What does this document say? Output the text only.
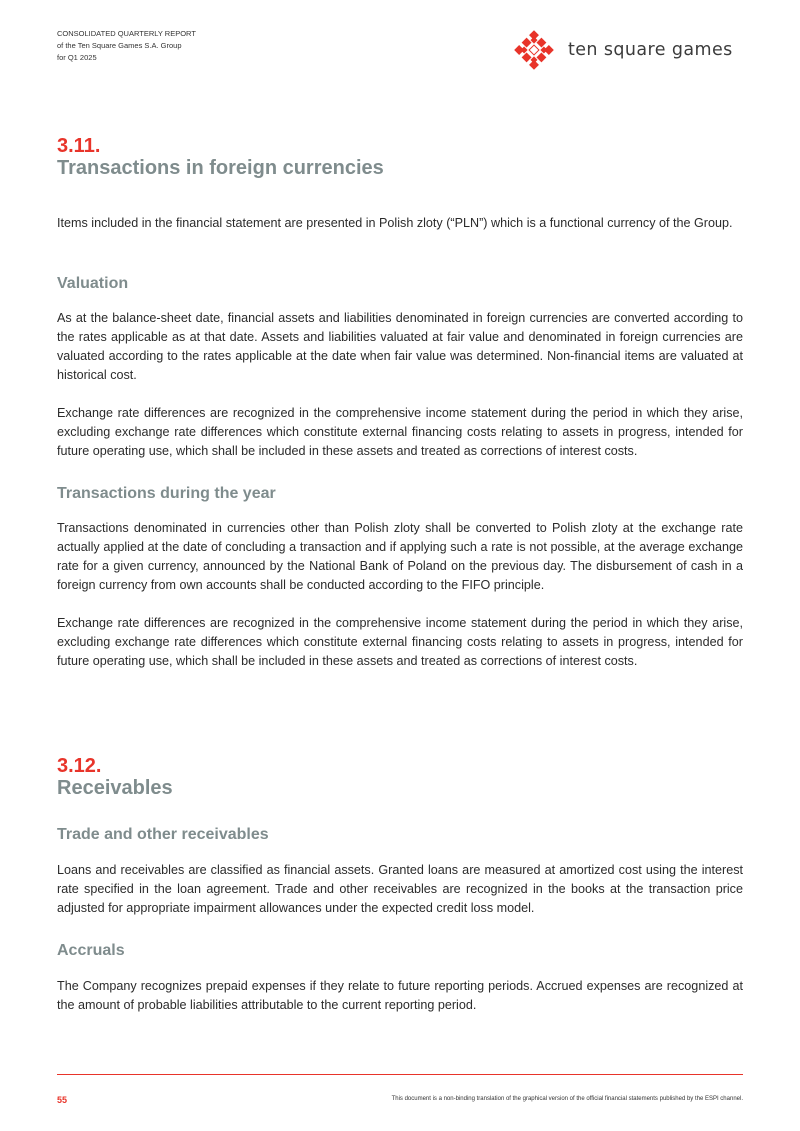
CONSOLIDATED QUARTERLY REPORT
of the Ten Square Games S.A. Group
for Q1 2025	ten square games
3.11.
Transactions in foreign currencies

Items included in the financial statement are presented in Polish zloty (“PLN”) which is a functional currency of the Group.

Valuation

As at the balance-sheet date, financial assets and liabilities denominated in foreign currencies are converted according to the rates applicable as at that date. Assets and liabilities valuated at fair value and denominated in foreign currencies are valuated according to the rates applicable at the date when fair value was determined. Non-financial items are valuated at historical cost.

Exchange rate differences are recognized in the comprehensive income statement during the period in which they arise, excluding exchange rate differences which constitute external financing costs relating to assets in progress, intended for future operating use, which shall be included in these assets and treated as corrections of interest costs.

Transactions during the year

Transactions denominated in currencies other than Polish zloty shall be converted to Polish zloty at the exchange rate actually applied at the date of concluding a transaction and if applying such a rate is not possible, at the average exchange rate for a given currency, announced by the National Bank of Poland on the previous day. The disbursement of cash in a foreign currency from own accounts shall be conducted according to the FIFO principle.

Exchange rate differences are recognized in the comprehensive income statement during the period in which they arise, excluding exchange rate differences which constitute external financing costs relating to assets in progress, intended for future operating use, which shall be included in these assets and treated as corrections of interest costs.

3.12.
Receivables
Trade and other receivables

Loans and receivables are classified as financial assets. Granted loans are measured at amortized cost using the interest rate specified in the loan agreement. Trade and other receivables are recognized in the books at the transaction price adjusted for appropriate impairment allowances under the expected credit loss model.

Accruals

The Company recognizes prepaid expenses if they relate to future reporting periods. Accrued expenses are recognized at the amount of probable liabilities attributable to the current reporting period.

55	This document is a non-binding translation of the graphical version of the official financial statements published by the ESPI channel.
